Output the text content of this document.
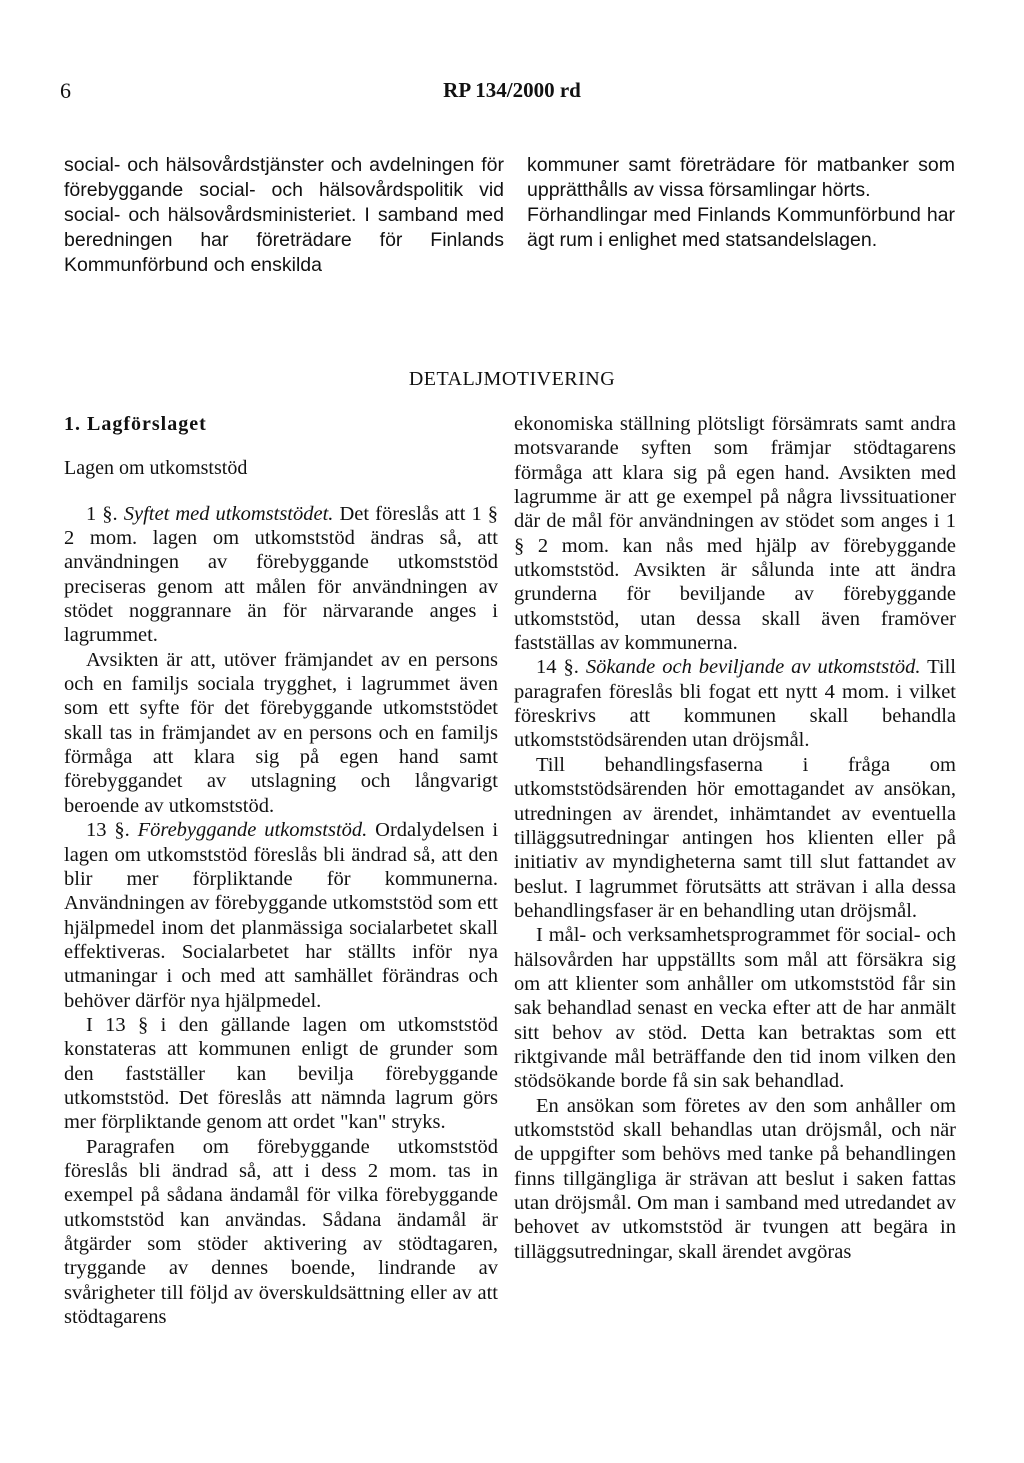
6	RP 134/2000 rd

social- och hälsovårdstjänster och avdelningen för förebyggande social- och hälsovårdspolitik vid social- och hälsovårdsministeriet. I samband med beredningen har företrädare för Finlands Kommunförbund och enskilda

kommuner samt företrädare för matbanker som upprätthålls av vissa församlingar hörts.

Förhandlingar med Finlands Kommunförbund har ägt rum i enlighet med statsandelslagen.

DETALJMOTIVERING
1. Lagförslaget
Lagen om utkomststöd

1 §. Syftet med utkomststödet. Det föreslås att 1 § 2 mom. lagen om utkomststöd ändras så, att användningen av förebyggande utkomststöd preciseras genom att målen för användningen av stödet noggrannare än för närvarande anges i lagrummet.

Avsikten är att, utöver främjandet av en persons och en familjs sociala trygghet, i lagrummet även som ett syfte för det förebyggande utkomststödet skall tas in främjandet av en persons och en familjs förmåga att klara sig på egen hand samt förebyggandet av utslagning och långvarigt beroende av utkomststöd.

13 §. Förebyggande utkomststöd. Ordalydelsen i lagen om utkomststöd föreslås bli ändrad så, att den blir mer förpliktande för kommunerna. Användningen av förebyggande utkomststöd som ett hjälpmedel inom det planmässiga socialarbetet skall effektiveras. Socialarbetet har ställts inför nya utmaningar i och med att samhället förändras och behöver därför nya hjälpmedel.

I 13 § i den gällande lagen om utkomststöd konstateras att kommunen enligt de grunder som den fastställer kan bevilja förebyggande utkomststöd. Det föreslås att nämnda lagrum görs mer förpliktande genom att ordet "kan" stryks.

Paragrafen om förebyggande utkomststöd föreslås bli ändrad så, att i dess 2 mom. tas in exempel på sådana ändamål för vilka förebyggande utkomststöd kan användas. Sådana ändamål är åtgärder som stöder aktivering av stödtagaren, tryggande av dennes boende, lindrande av svårigheter till följd av överskuldsättning eller av att stödtagarens

ekonomiska ställning plötsligt försämrats samt andra motsvarande syften som främjar stödtagarens förmåga att klara sig på egen hand. Avsikten med lagrumme är att ge exempel på några livssituationer där de mål för användningen av stödet som anges i 1 § 2 mom. kan nås med hjälp av förebyggande utkomststöd. Avsikten är sålunda inte att ändra grunderna för beviljande av förebyggande utkomststöd, utan dessa skall även framöver fastställas av kommunerna.

14 §. Sökande och beviljande av utkomststöd. Till paragrafen föreslås bli fogat ett nytt 4 mom. i vilket föreskrivs att kommunen skall behandla utkomststödsärenden utan dröjsmål.

Till behandlingsfaserna i fråga om utkomststödsärenden hör emottagandet av ansökan, utredningen av ärendet, inhämtandet av eventuella tilläggsutredningar antingen hos klienten eller på initiativ av myndigheterna samt till slut fattandet av beslut. I lagrummet förutsätts att strävan i alla dessa behandlingsfaser är en behandling utan dröjsmål.

I mål- och verksamhetsprogrammet för social- och hälsovården har uppställts som mål att försäkra sig om att klienter som anhåller om utkomststöd får sin sak behandlad senast en vecka efter att de har anmält sitt behov av stöd. Detta kan betraktas som ett riktgivande mål beträffande den tid inom vilken den stödsökande borde få sin sak behandlad.

En ansökan som företes av den som anhåller om utkomststöd skall behandlas utan dröjsmål, och när de uppgifter som behövs med tanke på behandlingen finns tillgängliga är strävan att beslut i saken fattas utan dröjsmål. Om man i samband med utredandet av behovet av utkomststöd är tvungen att begära in tilläggsutredningar, skall ärendet avgöras
